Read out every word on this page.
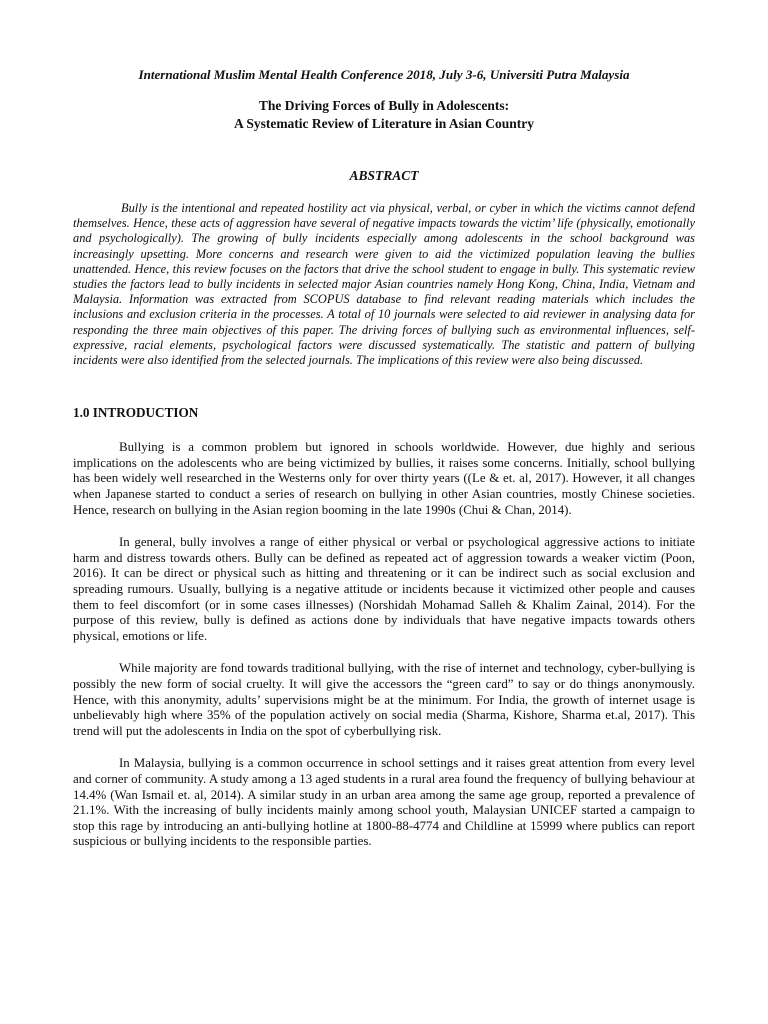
International Muslim Mental Health Conference 2018, July 3-6, Universiti Putra Malaysia

The Driving Forces of Bully in Adolescents:
A Systematic Review of Literature in Asian Country
ABSTRACT

Bully is the intentional and repeated hostility act via physical, verbal, or cyber in which the victims cannot defend themselves. Hence, these acts of aggression have several of negative impacts towards the victim’ life (physically, emotionally and psychologically). The growing of bully incidents especially among adolescents in the school background was increasingly upsetting. More concerns and research were given to aid the victimized population leaving the bullies unattended. Hence, this review focuses on the factors that drive the school student to engage in bully. This systematic review studies the factors lead to bully incidents in selected major Asian countries namely Hong Kong, China, India, Vietnam and Malaysia. Information was extracted from SCOPUS database to find relevant reading materials which includes the inclusions and exclusion criteria in the processes. A total of 10 journals were selected to aid reviewer in analysing data for responding the three main objectives of this paper. The driving forces of bullying such as environmental influences, self-expressive, racial elements, psychological factors were discussed systematically. The statistic and pattern of bullying incidents were also identified from the selected journals. The implications of this review were also being discussed.

1.0 INTRODUCTION

Bullying is a common problem but ignored in schools worldwide. However, due highly and serious implications on the adolescents who are being victimized by bullies, it raises some concerns. Initially, school bullying has been widely well researched in the Westerns only for over thirty years ((Le & et. al, 2017). However, it all changes when Japanese started to conduct a series of research on bullying in other Asian countries, mostly Chinese societies. Hence, research on bullying in the Asian region booming in the late 1990s (Chui & Chan, 2014).

In general, bully involves a range of either physical or verbal or psychological aggressive actions to initiate harm and distress towards others. Bully can be defined as repeated act of aggression towards a weaker victim (Poon, 2016). It can be direct or physical such as hitting and threatening or it can be indirect such as social exclusion and spreading rumours. Usually, bullying is a negative attitude or incidents because it victimized other people and causes them to feel discomfort (or in some cases illnesses) (Norshidah Mohamad Salleh & Khalim Zainal, 2014). For the purpose of this review, bully is defined as actions done by individuals that have negative impacts towards others physical, emotions or life.

While majority are fond towards traditional bullying, with the rise of internet and technology, cyber-bullying is possibly the new form of social cruelty. It will give the accessors the “green card” to say or do things anonymously. Hence, with this anonymity, adults’ supervisions might be at the minimum. For India, the growth of internet usage is unbelievably high where 35% of the population actively on social media (Sharma, Kishore, Sharma et.al, 2017). This trend will put the adolescents in India on the spot of cyberbullying risk.

In Malaysia, bullying is a common occurrence in school settings and it raises great attention from every level and corner of community. A study among a 13 aged students in a rural area found the frequency of bullying behaviour at 14.4% (Wan Ismail et. al, 2014). A similar study in an urban area among the same age group, reported a prevalence of 21.1%. With the increasing of bully incidents mainly among school youth, Malaysian UNICEF started a campaign to stop this rage by introducing an anti-bullying hotline at 1800-88-4774 and Childline at 15999 where publics can report suspicious or bullying incidents to the responsible parties.
